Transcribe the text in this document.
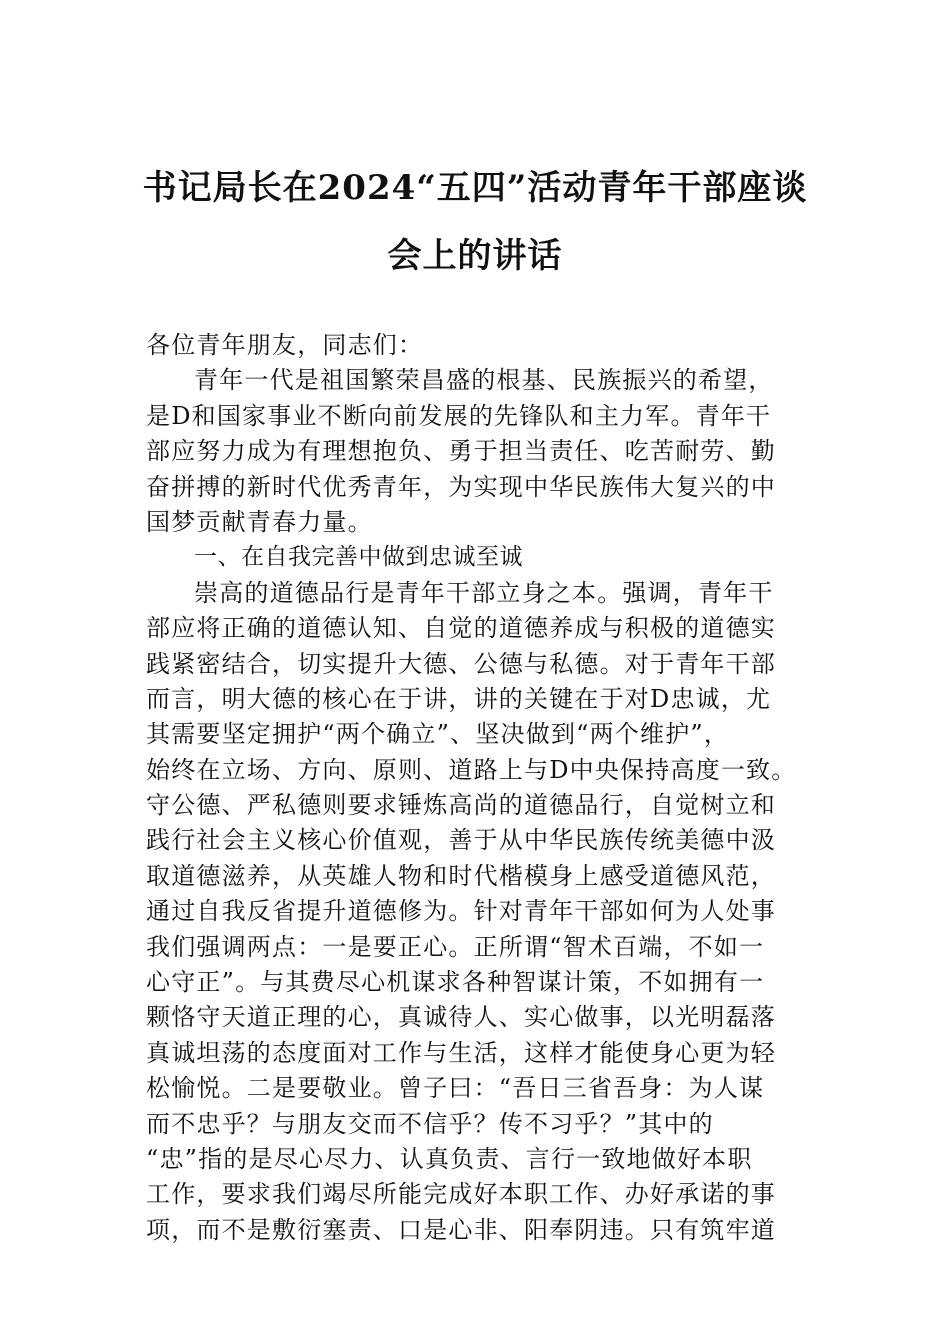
书记局长在2024“五四”活动青年干部座谈
会上的讲话
各位青年朋友，同志们：
青年一代是祖国繁荣昌盛的根基、民族振兴的希望，
是D和国家事业不断向前发展的先锋队和主力军。青年干
部应努力成为有理想抱负、勇于担当责任、吃苦耐劳、勤
奋拼搏的新时代优秀青年，为实现中华民族伟大复兴的中
国梦贡献青春力量。
一、在自我完善中做到忠诚至诚
崇高的道德品行是青年干部立身之本。强调，青年干
部应将正确的道德认知、自觉的道德养成与积极的道德实
践紧密结合，切实提升大德、公德与私德。对于青年干部
而言，明大德的核心在于讲，讲的关键在于对D忠诚，尤
其需要坚定拥护“两个确立”、坚决做到“两个维护”，
始终在立场、方向、原则、道路上与D中央保持高度一致。
守公德、严私德则要求锤炼高尚的道德品行，自觉树立和
践行社会主义核心价值观，善于从中华民族传统美德中汲
取道德滋养，从英雄人物和时代楷模身上感受道德风范，
通过自我反省提升道德修为。针对青年干部如何为人处事
我们强调两点：一是要正心。正所谓“智术百端，不如一
心守正”。与其费尽心机谋求各种智谋计策，不如拥有一
颗恪守天道正理的心，真诚待人、实心做事，以光明磊落
真诚坦荡的态度面对工作与生活，这样才能使身心更为轻
松愉悦。二是要敬业。曾子曰：“吾日三省吾身：为人谋
而不忠乎？与朋友交而不信乎？传不习乎？”其中的
“忠”指的是尽心尽力、认真负责、言行一致地做好本职
工作，要求我们竭尽所能完成好本职工作、办好承诺的事
项，而不是敷衍塞责、口是心非、阳奉阴违。只有筑牢道
